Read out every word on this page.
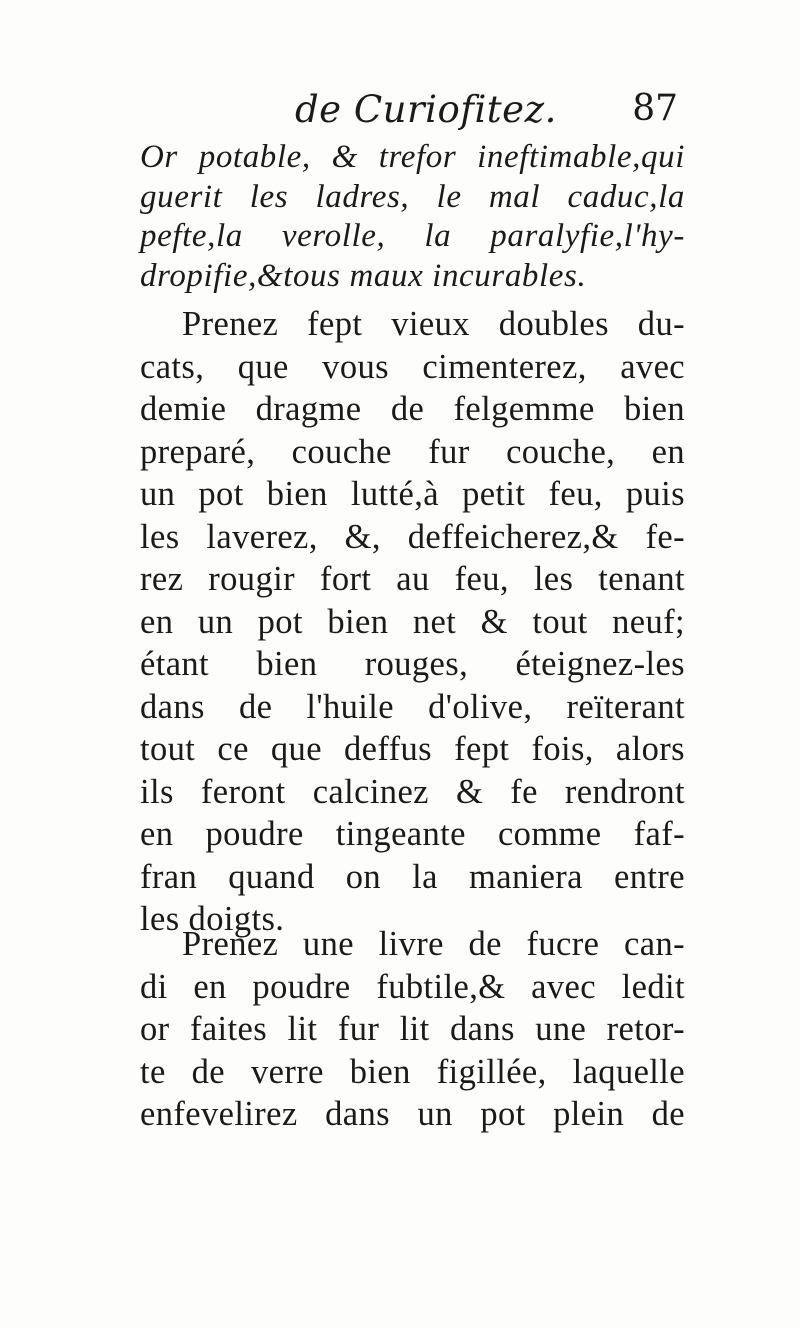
de Curiofitez. 87
Or potable, & trefor ineftimable,qui
guerit les ladres, le mal caduc,la
pefte,la verolle, la paralyfie,l'hy-
dropifie,&tous maux incurables.
Prenez fept vieux doubles du-
cats, que vous cimenterez, avec
demie dragme de felgemme bien
preparé, couche fur couche, en
un pot bien lutté,à petit feu, puis
les laverez, &, deffeicherez,& fe-
rez rougir fort au feu, les tenant
en un pot bien net & tout neuf;
étant bien rouges, éteignez-les
dans de l'huile d'olive, reïterant
tout ce que deffus fept fois, alors
ils feront calcinez & fe rendront
en poudre tingeante comme faf-
fran quand on la maniera entre
les doigts.
Prenez une livre de fucre can-
di en poudre fubtile,& avec ledit
or faites lit fur lit dans une retor-
te de verre bien figillée, laquelle
enfevelirez dans un pot plein de
